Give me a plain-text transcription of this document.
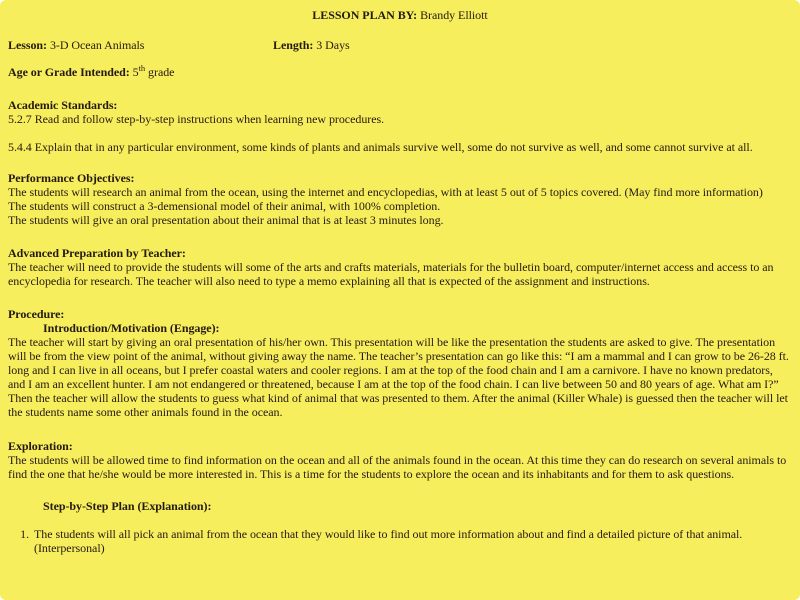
LESSON PLAN BY: Brandy Elliott
Lesson: 3-D Ocean Animals	Length: 3 Days
Age or Grade Intended: 5th grade

Academic Standards:

5.2.7 Read and follow step-by-step instructions when learning new procedures.

5.4.4 Explain that in any particular environment, some kinds of plants and animals survive well, some do not survive as well, and some cannot survive at all.

Performance Objectives:

The students will research an animal from the ocean, using the internet and encyclopedias, with at least 5 out of 5 topics covered. (May find more information)

The students will construct a 3-demensional model of their animal, with 100% completion.

The students will give an oral presentation about their animal that is at least 3 minutes long.

Advanced Preparation by Teacher:

The teacher will need to provide the students will some of the arts and crafts materials, materials for the bulletin board, computer/internet access and access to an encyclopedia for research. The teacher will also need to type a memo explaining all that is expected of the assignment and instructions.

Procedure:

Introduction/Motivation (Engage):

The teacher will start by giving an oral presentation of his/her own. This presentation will be like the presentation the students are asked to give. The presentation will be from the view point of the animal, without giving away the name. The teacher’s presentation can go like this: “I am a mammal and I can grow to be 26-28 ft. long and I can live in all oceans, but I prefer coastal waters and cooler regions. I am at the top of the food chain and I am a carnivore. I have no known predators, and I am an excellent hunter. I am not endangered or threatened, because I am at the top of the food chain. I can live between 50 and 80 years of age. What am I?” Then the teacher will allow the students to guess what kind of animal that was presented to them. After the animal (Killer Whale) is guessed then the teacher will let the students name some other animals found in the ocean.

Exploration:

The students will be allowed time to find information on the ocean and all of the animals found in the ocean. At this time they can do research on several animals to find the one that he/she would be more interested in. This is a time for the students to explore the ocean and its inhabitants and for them to ask questions.

Step-by-Step Plan (Explanation):

1. The students will all pick an animal from the ocean that they would like to find out more information about and find a detailed picture of that animal. (Interpersonal)
